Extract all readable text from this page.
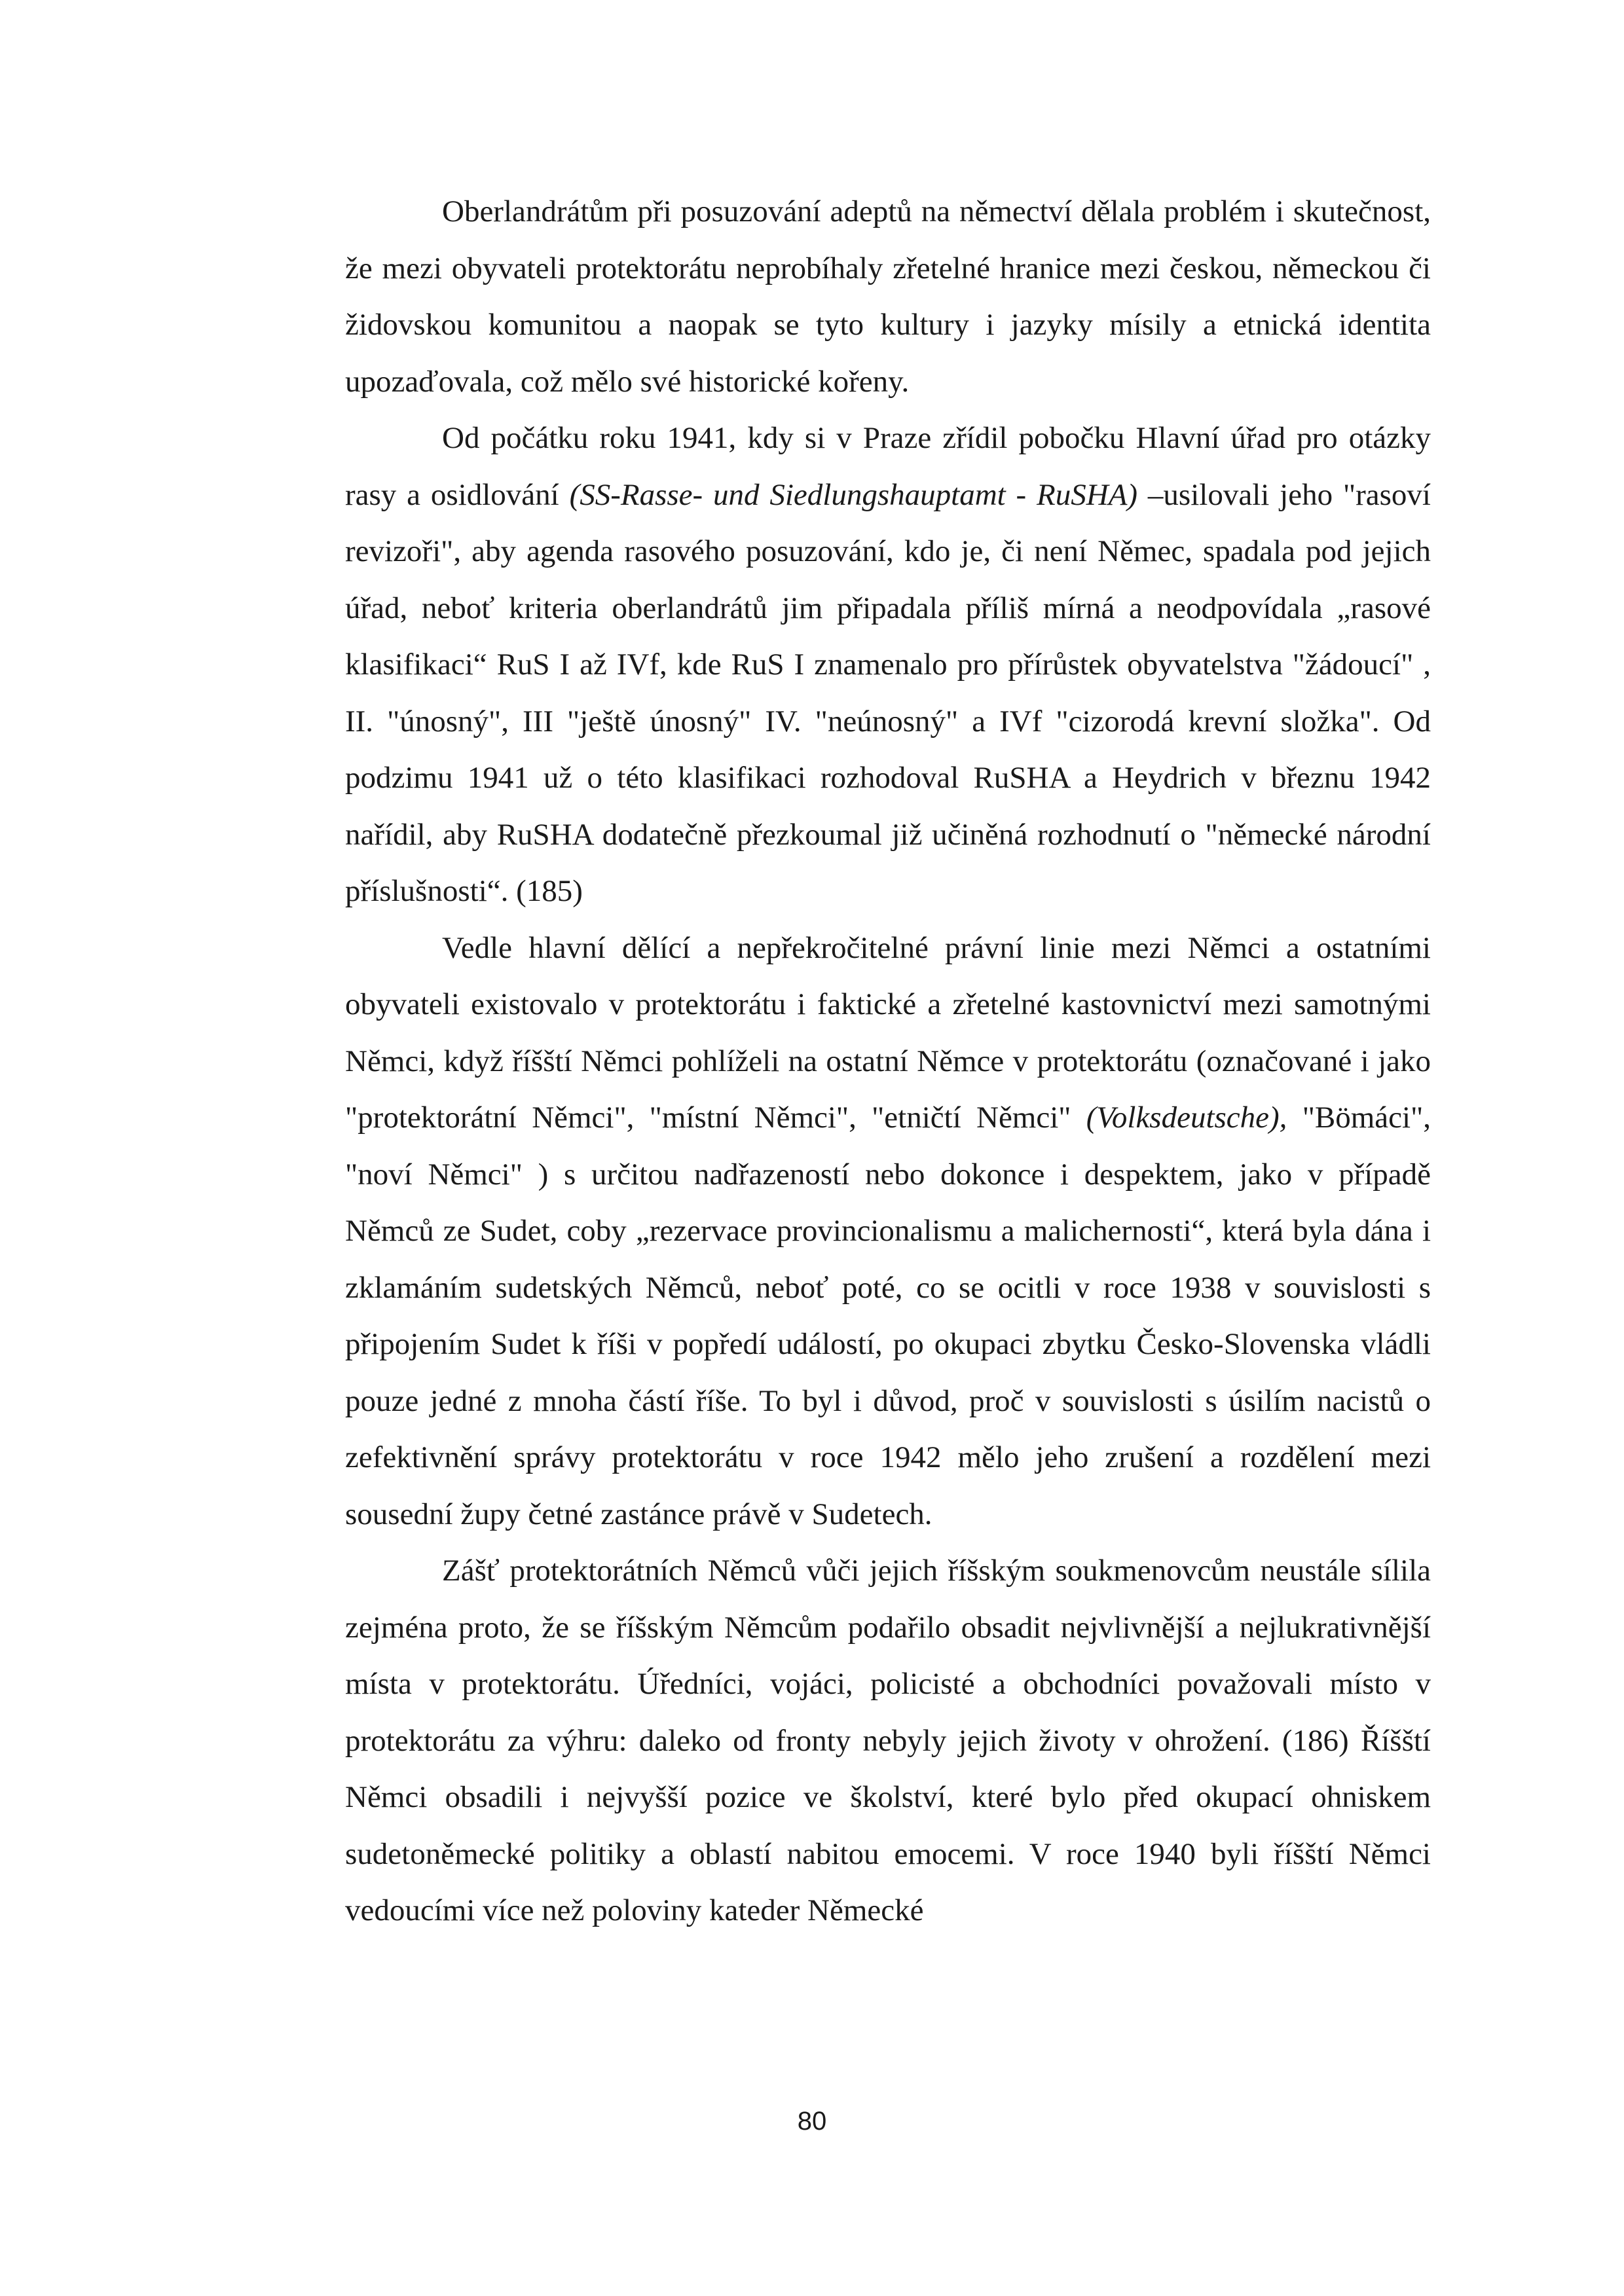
Oberlandrátům při posuzování adeptů na němectví dělala problém i skutečnost, že mezi obyvateli protektorátu neprobíhaly zřetelné hranice mezi českou, německou či židovskou komunitou a naopak se tyto kultury i jazyky mísily a etnická identita upozaďovala, což mělo své historické kořeny.

Od počátku roku 1941, kdy si v Praze zřídil pobočku Hlavní úřad pro otázky rasy a osidlování (SS-Rasse- und Siedlungshauptamt - RuSHA) –usilovali jeho "rasoví revizoři", aby agenda rasového posuzování, kdo je, či není Němec, spadala pod jejich úřad, neboť kriteria oberlandrátů jim připadala příliš mírná a neodpovídala „rasové klasifikaci“ RuS I až IVf, kde RuS I znamenalo pro přírůstek obyvatelstva "žádoucí" , II. "únosný", III "ještě únosný" IV. "neúnosný" a IVf "cizorodá krevní složka". Od podzimu 1941 už o této klasifikaci rozhodoval RuSHA a Heydrich v březnu 1942 nařídil, aby RuSHA dodatečně přezkoumal již učiněná rozhodnutí o "německé národní příslušnosti“. (185)

Vedle hlavní dělící a nepřekročitelné právní linie mezi Němci a ostatními obyvateli existovalo v protektorátu i faktické a zřetelné kastovnictví mezi samotnými Němci, když říšští Němci pohlíželi na ostatní Němce v protektorátu (označované i jako "protektorátní Němci", "místní Němci", "etničtí Němci" (Volksdeutsche), "Bömáci", "noví Němci" ) s určitou nadřazeností nebo dokonce i despektem, jako v případě Němců ze Sudet, coby „rezervace provincionalismu a malichernosti“, která byla dána i zklamáním sudetských Němců, neboť poté, co se ocitli v roce 1938 v souvislosti s připojením Sudet k říši v popředí událostí, po okupaci zbytku Česko-Slovenska vládli pouze jedné z mnoha částí říše. To byl i důvod, proč v souvislosti s úsilím nacistů o zefektivnění správy protektorátu v roce 1942 mělo jeho zrušení a rozdělení mezi sousední župy četné zastánce právě v Sudetech.

Zášť protektorátních Němců vůči jejich říšským soukmenovcům neustále sílila zejména proto, že se říšským Němcům podařilo obsadit nejvlivnější a nejlukrativnější místa v protektorátu. Úředníci, vojáci, policisté a obchodníci považovali místo v protektorátu za výhru: daleko od fronty nebyly jejich životy v ohrožení. (186) Říšští Němci obsadili i nejvyšší pozice ve školství, které bylo před okupací ohniskem sudetoněmecké politiky a oblastí nabitou emocemi. V roce 1940 byli říšští Němci vedoucími více než poloviny kateder Německé

80
